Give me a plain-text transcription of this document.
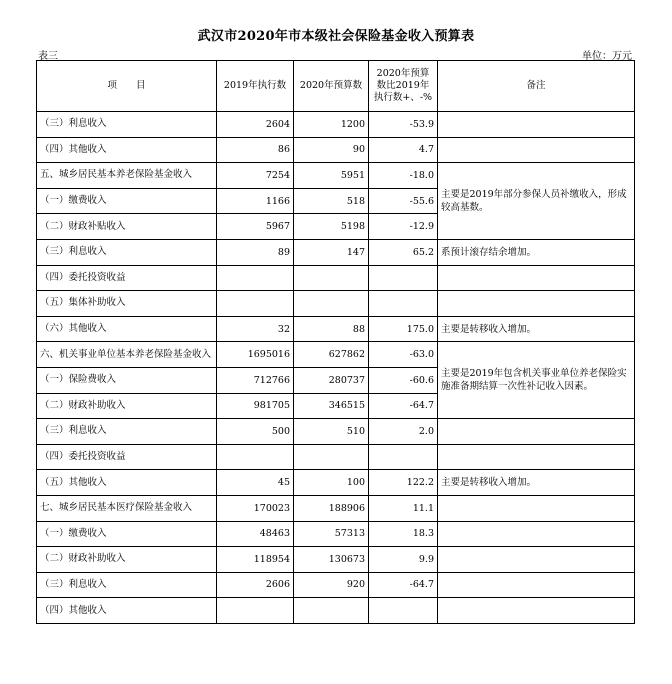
武汉市2020年市本级社会保险基金收入预算表
表三	单位：万元
项　　目	2019年执行数	2020年预算数	2020年预算数比2019年执行数+、-%	备注
（三）利息收入	2604	1200	-53.9	
（四）其他收入	86	90	4.7	
五、城乡居民基本养老保险基金收入	7254	5951	-18.0	主要是2019年部分参保人员补缴收入，形成较高基数。
（一）缴费收入	1166	518	-55.6	
（二）财政补贴收入	5967	5198	-12.9	
（三）利息收入	89	147	65.2	系预计滚存结余增加。
（四）委托投资收益				
（五）集体补助收入				
（六）其他收入	32	88	175.0	主要是转移收入增加。
六、机关事业单位基本养老保险基金收入	1695016	627862	-63.0	主要是2019年包含机关事业单位养老保险实施准备期结算一次性补记收入因素。
（一）保险费收入	712766	280737	-60.6	
（二）财政补助收入	981705	346515	-64.7	
（三）利息收入	500	510	2.0	
（四）委托投资收益				
（五）其他收入	45	100	122.2	主要是转移收入增加。
七、城乡居民基本医疗保险基金收入	170023	188906	11.1	
（一）缴费收入	48463	57313	18.3	
（二）财政补助收入	118954	130673	9.9	
（三）利息收入	2606	920	-64.7	
（四）其他收入				
